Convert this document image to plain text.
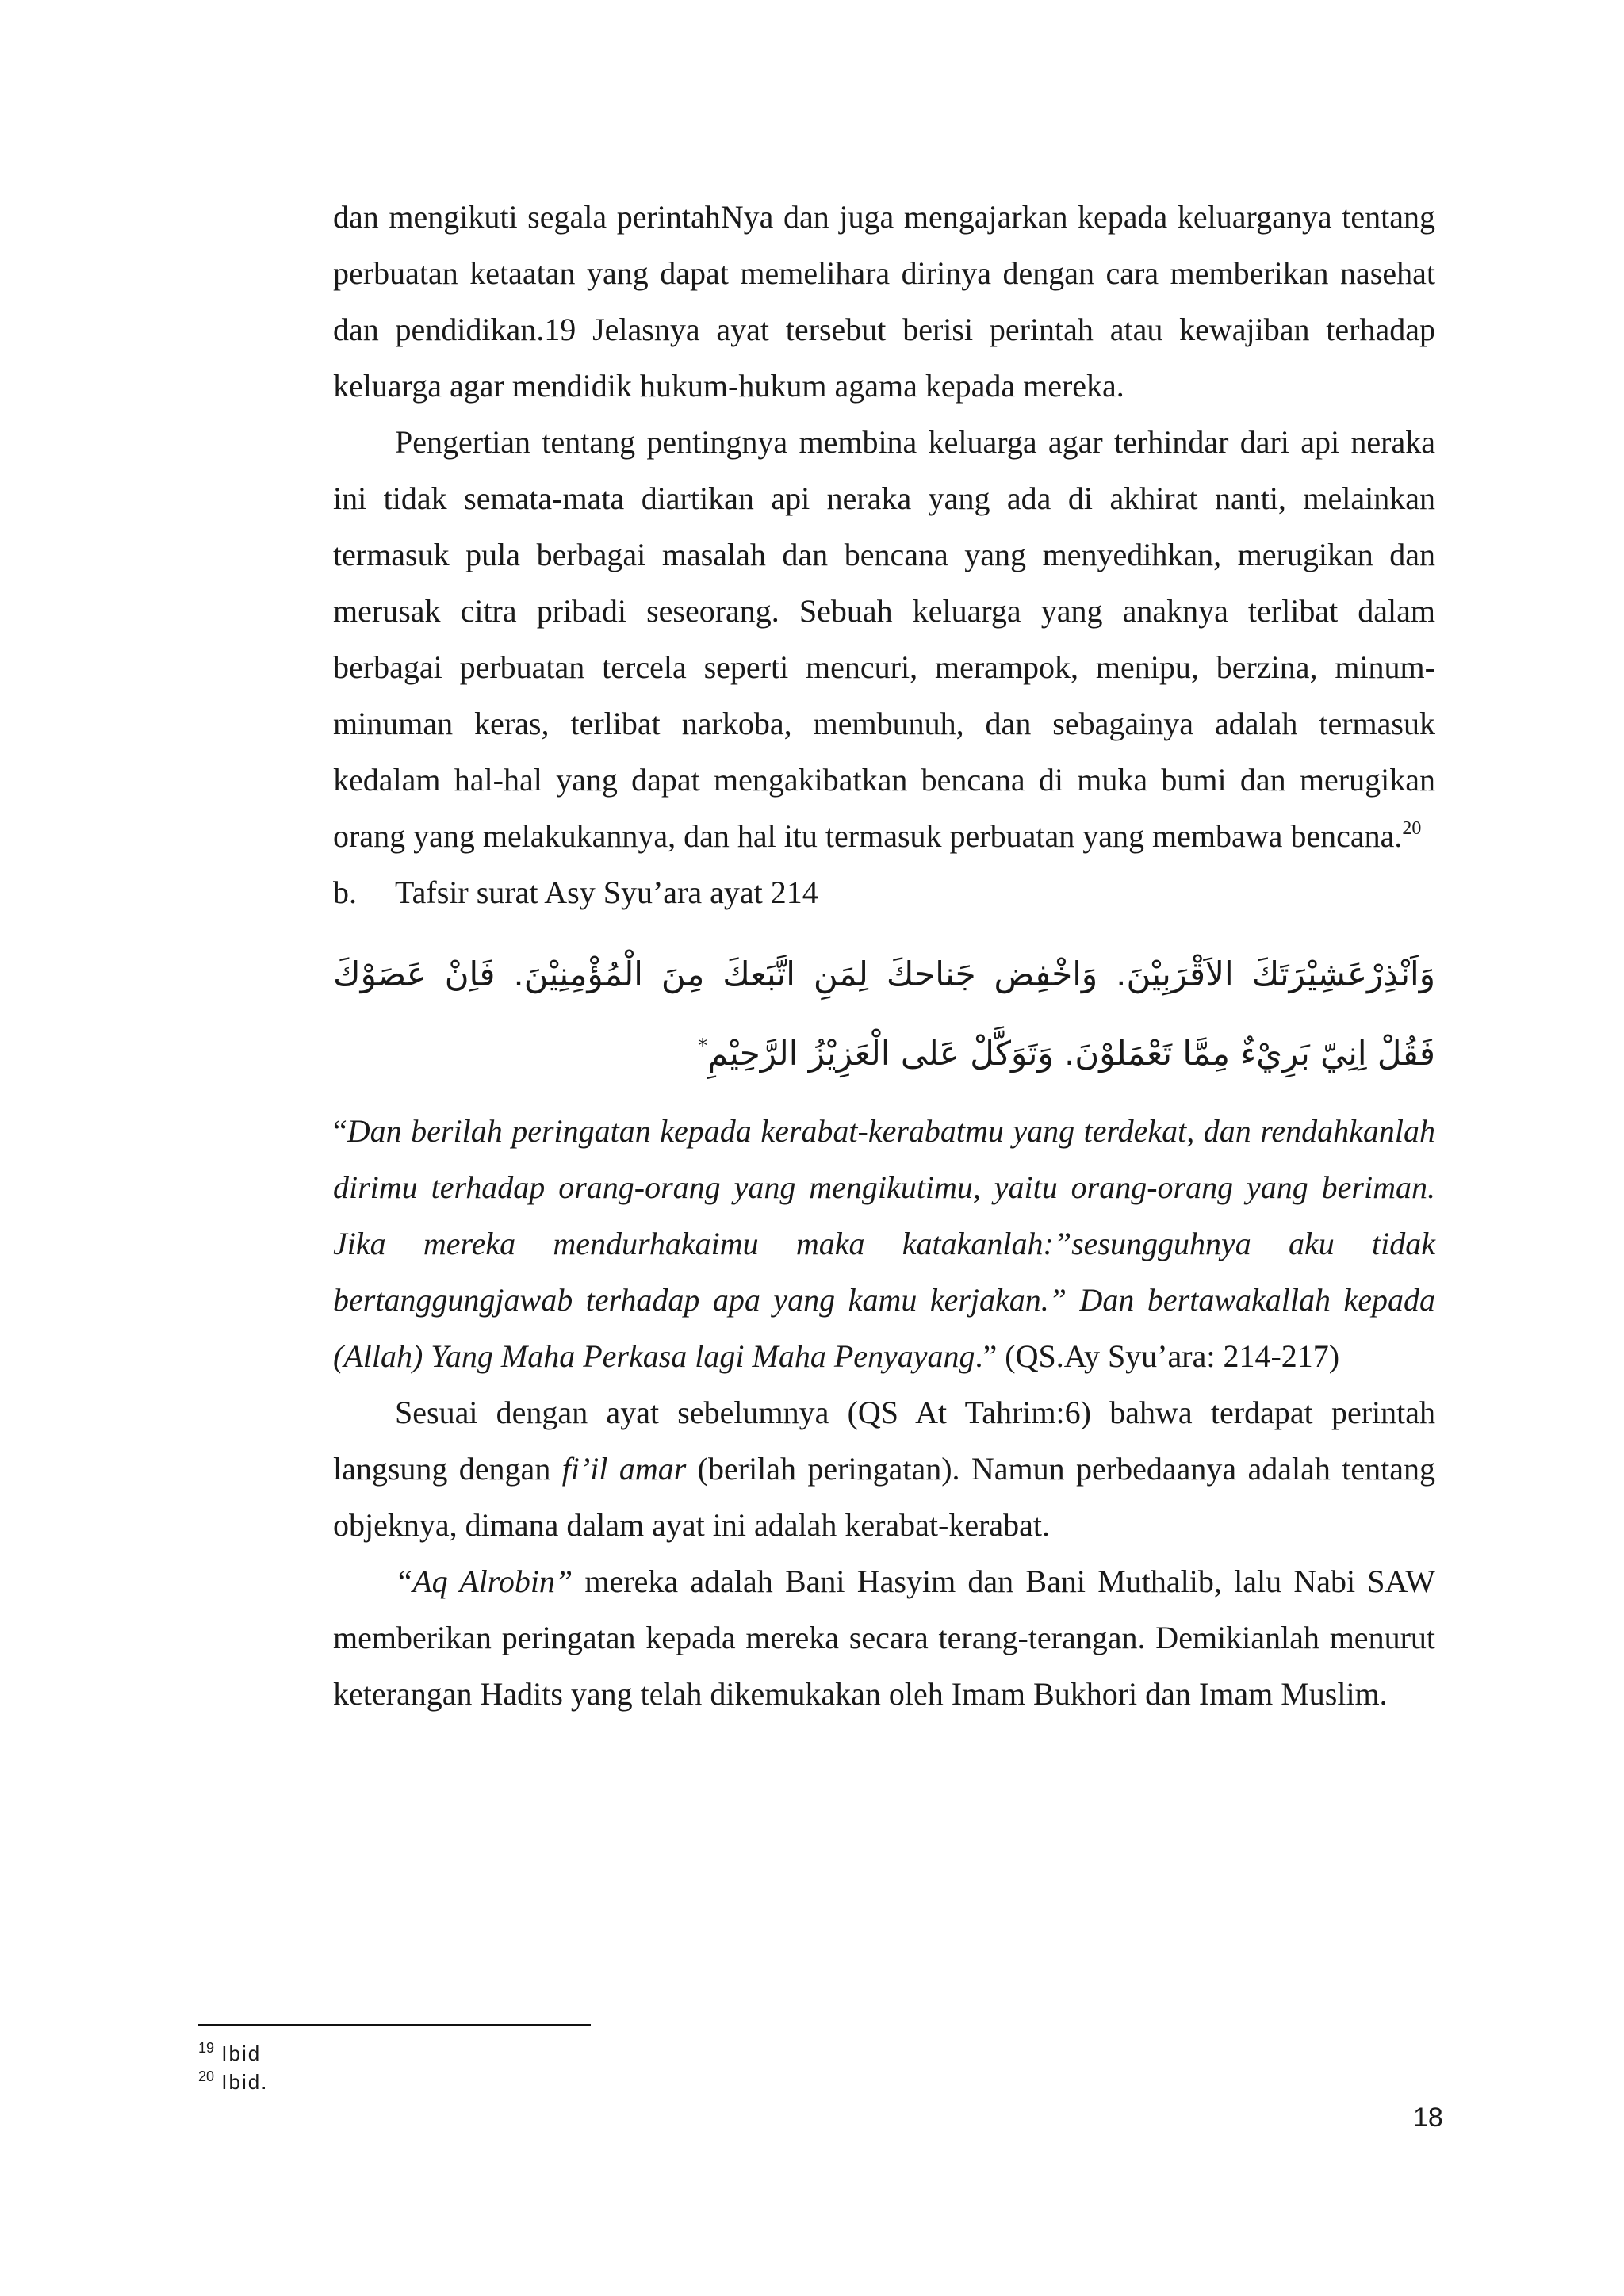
dan mengikuti segala perintahNya dan juga mengajarkan kepada keluarganya tentang perbuatan ketaatan yang dapat memelihara dirinya dengan cara memberikan nasehat dan pendidikan.19 Jelasnya ayat tersebut berisi perintah atau kewajiban terhadap keluarga agar mendidik hukum-hukum agama kepada mereka.

Pengertian tentang pentingnya membina keluarga agar terhindar dari api neraka ini tidak semata-mata diartikan api neraka yang ada di akhirat nanti, melainkan termasuk pula berbagai masalah dan bencana yang menyedihkan, merugikan dan merusak citra pribadi seseorang. Sebuah keluarga yang anaknya terlibat dalam berbagai perbuatan tercela seperti mencuri, merampok, menipu, berzina, minum-minuman keras, terlibat narkoba, membunuh, dan sebagainya adalah termasuk kedalam hal-hal yang dapat mengakibatkan bencana di muka bumi dan merugikan orang yang melakukannya, dan hal itu termasuk perbuatan yang membawa bencana.$^{20}$

b. Tafsir surat Asy Syu’ara ayat 214

وَاَنْذِرْعَشِيْرَتَكَ الاَقْرَبِيْنَ. وَاخْفِض جَناحكَ لِمَنِ اتَّبَعكَ مِنَ الْمُؤْمِنِيْنَ. فَاِنْ عَصَوْكَ فَقُلْ اِنِيّ بَرِيْءٌ مِمَّا تَعْمَلوْنَ. وَتَوَكَّلْ عَلى الْعَزِيْزُ الرَّحِيْمِ*

“Dan berilah peringatan kepada kerabat-kerabatmu yang terdekat, dan rendahkanlah dirimu terhadap orang-orang yang mengikutimu, yaitu orang-orang yang beriman. Jika mereka mendurhakaimu maka katakanlah:”sesungguhnya aku tidak bertanggungjawab terhadap apa yang kamu kerjakan.” Dan bertawakallah kepada (Allah) Yang Maha Perkasa lagi Maha Penyayang.” (QS.Ay Syu’ara: 214-217)

Sesuai dengan ayat sebelumnya (QS At Tahrim:6) bahwa terdapat perintah langsung dengan fi’il amar (berilah peringatan). Namun perbedaanya adalah tentang objeknya, dimana dalam ayat ini adalah kerabat-kerabat.

“Aq Alrobin” mereka adalah Bani Hasyim dan Bani Muthalib, lalu Nabi SAW memberikan peringatan kepada mereka secara terang-terangan. Demikianlah menurut keterangan Hadits yang telah dikemukakan oleh Imam Bukhori dan Imam Muslim.

$^{19}$ Ibid
$^{20}$ Ibid.
18
